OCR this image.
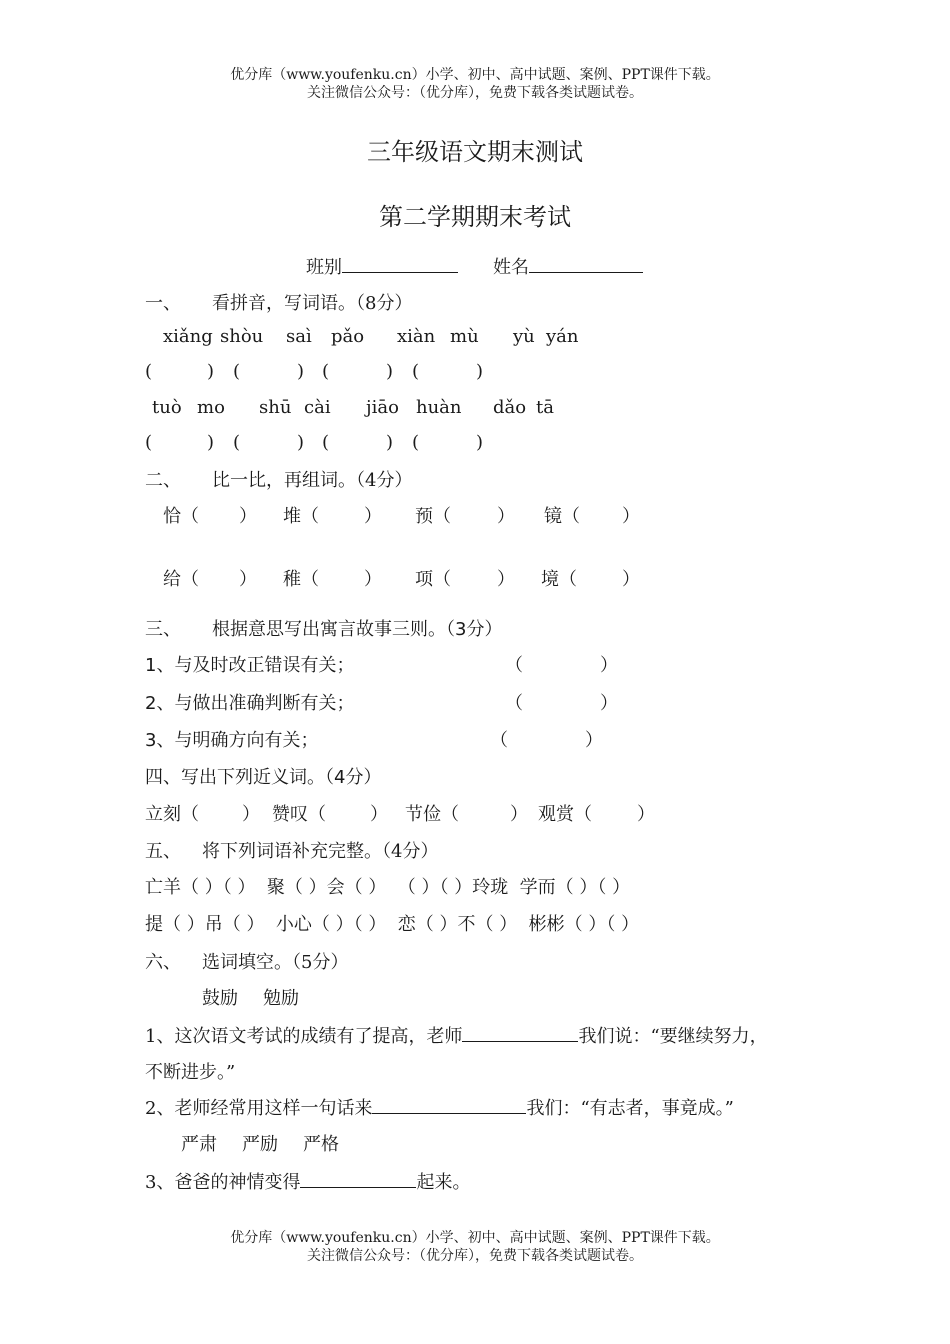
优分库（www.youfenku.cn）小学、初中、高中试题、案例、PPT课件下载。
关注微信公众号：（优分库），免费下载各类试题试卷。
三年级语文期末测试
第二学期期末考试
班别	姓名
一、 看拼音，写词语。（8分）
xiǎng shòu saì pǎo xiàn mù yù yán
(	) (	) (	) (	)
tuò mo shū cài jiāo huàn dǎo tā
(	) (	) (	) (	)
二、 比一比，再组词。（4分）
恰（ ） 堆（	） 预（	） 镜（ ）
给（ ） 稚（	） 项（	） 境（	）
三、 根据意思写出寓言故事三则。（3分）
1、与及时改正错误有关；	（	）
2、与做出准确判断有关；	（	）
3、与明确方向有关；	（	）
四、写出下列近义词。（4分）
立刻（ ） 赞叹（ ） 节俭（	） 观赏（	）
五、 将下列词语补充完整。（4分）
亡羊（ ）（ ）  聚（ ）会（ ）  （ ）（ ）玲珑  学而（ ）（ ）
提（ ）吊（ ）  小心（ ）（ ）  恋（ ）不（ ）  彬彬（ ）（ ）
六、 选词填空。（5分）
鼓励 勉励
1、这次语文考试的成绩有了提高，老师	我们说：“要继续努力，
不断进步。”
2、老师经常用这样一句话来	我们：“有志者，事竟成。”
严肃 严励 严格
3、爸爸的神情变得	起来。
优分库（www.youfenku.cn）小学、初中、高中试题、案例、PPT课件下载。
关注微信公众号：（优分库），免费下载各类试题试卷。
